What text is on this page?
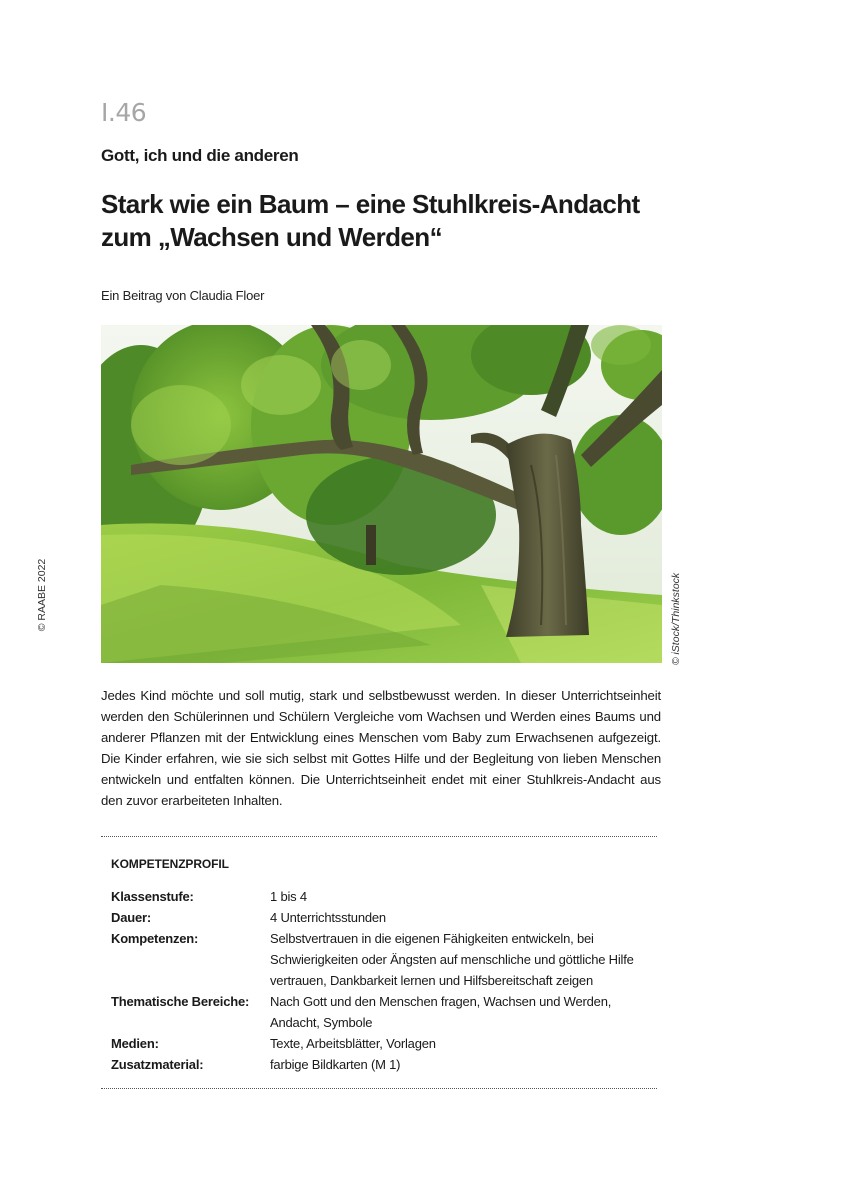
I.46
Gott, ich und die anderen
Stark wie ein Baum – eine Stuhlkreis-Andacht
zum „Wachsen und Werden“
Ein Beitrag von Claudia Floer
© iStock/Thinkstock
© RAABE 2022

Jedes Kind möchte und soll mutig, stark und selbstbewusst werden. In dieser Unterrichtseinheit werden den Schülerinnen und Schülern Vergleiche vom Wachsen und Werden eines Baums und anderer Pflanzen mit der Entwicklung eines Menschen vom Baby zum Erwachsenen aufgezeigt. Die Kinder erfahren, wie sie sich selbst mit Gottes Hilfe und der Begleitung von lieben Menschen entwickeln und entfalten können. Die Unterrichtseinheit endet mit einer Stuhlkreis-Andacht aus den zuvor erarbeiteten Inhalten.

KOMPETENZPROFIL
Klassenstufe:	1 bis 4
Dauer:	4 Unterrichtsstunden
Kompetenzen:	Selbstvertrauen in die eigenen Fähigkeiten entwickeln, bei Schwierigkeiten oder Ängsten auf menschliche und göttliche Hilfe vertrauen, Dankbarkeit lernen und Hilfsbereitschaft zeigen
Thematische Bereiche:	Nach Gott und den Menschen fragen, Wachsen und Werden, Andacht, Symbole
Medien:	Texte, Arbeitsblätter, Vorlagen
Zusatzmaterial:	farbige Bildkarten (M 1)
